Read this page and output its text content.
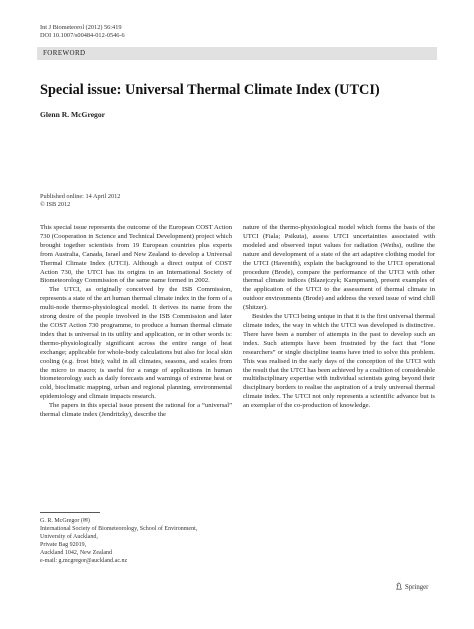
Int J Biometeorol (2012) 56:419
DOI 10.1007/s00484-012-0546-6
FOREWORD
Special issue: Universal Thermal Climate Index (UTCI)
Glenn R. McGregor
Published online: 14 April 2012
© ISB 2012

This special issue represents the outcome of the European COST Action 730 (Cooperation in Science and Technical Development) project which brought together scientists from 19 European countries plus experts from Australia, Canada, Israel and New Zealand to develop a Universal Thermal Climate Index (UTCI). Although a direct output of COST Action 730, the UTCI has its origins in an International Society of Biometeorology Commission of the same name formed in 2002.

The UTCI, as originally conceived by the ISB Commission, represents a state of the art human thermal climate index in the form of a multi-node thermo-physiological model. It derives its name from the strong desire of the people involved in the ISB Commission and later the COST Action 730 programme, to produce a human thermal climate index that is universal in its utility and application, or in other words is: thermo-physiologically significant across the entire range of heat exchange; applicable for whole-body calculations but also for local skin cooling (e.g. frost bite); valid in all climates, seasons, and scales from the micro to macro; is useful for a range of applications in human biometeorology such as daily forecasts and warnings of extreme heat or cold, bioclimatic mapping, urban and regional planning, environmental epidemiology and climate impacts research.

The papers in this special issue present the rational for a “universal” thermal climate index (Jendritzky), describe the

nature of the thermo-physiological model which forms the basis of the UTCI (Fiala; Psikuta), assess UTCI uncertainties associated with modeled and observed input values for radiation (Weihs), outline the nature and development of a state of the art adaptive clothing model for the UTCI (Havenith), explain the background to the UTCI operational procedure (Brode), compare the performance of the UTCI with other thermal climate indices (Blazejczyk; Kampmann), present examples of the application of the UTCI to the assessment of thermal climate in outdoor environments (Brode) and address the vexed issue of wind chill (Shitzer).

Besides the UTCI being unique in that it is the first universal thermal climate index, the way in which the UTCI was developed is distinctive. There have been a number of attempts in the past to develop such an index. Such attempts have been frustrated by the fact that “lone researchers” or single discipline teams have tried to solve this problem. This was realised in the early days of the conception of the UTCI with the result that the UTCI has been achieved by a coalition of considerable multidisciplinary expertise with individual scientists going beyond their disciplinary borders to realise the aspiration of a truly universal thermal climate index. The UTCI not only represents a scientific advance but is an exemplar of the co-production of knowledge.

G. R. McGregor (✉)
International Society of Biometeorology, School of Environment,
University of Auckland,
Private Bag 92019,
Auckland 1042, New Zealand
e-mail: g.mcgregor@auckland.ac.nz
Springer
